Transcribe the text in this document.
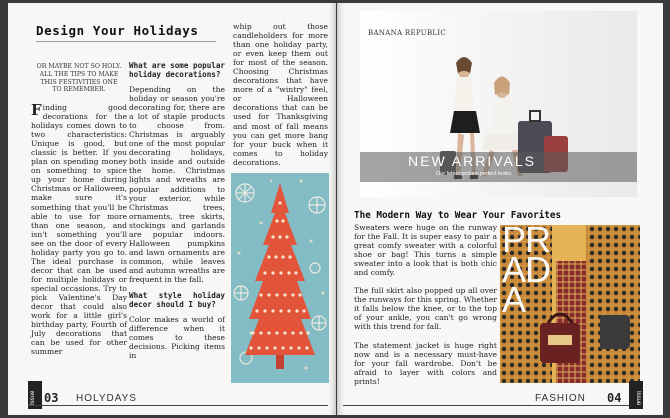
Design Your Holidays
OR MAYBE NOT SO HOLY. ALL THE TIPS TO MAKE THIS FESTIVITIES ONE TO REMEMBER.
Finding good decorations for the holidays comes down to two characteristics: Unique is good, but classic is better. If you plan on spending money on something to spice up your home during Christmas or Halloween, make sure it's something that you'll be able to use for more than one season, and isn't something you'll see on the door of every holiday party you go to. The ideal purchase is decor that can be used for multiple holidays or special occasions. Try to pick Valentine's Day decor that could also work for a little girl's birthday party, Fourth of July decorations that can be used for other summer
What are some popular holiday decorations?

Depending on the holiday or season you're decorating for, there are a lot of staple products to choose from. Christmas is arguably one of the most popular decorating holidays, both inside and outside the home. Christmas lights and wreaths are popular additions to your exterior, while Christmas trees, ornaments, tree skirts, stockings and garlands are popular indoors. Halloween pumpkins and lawn ornaments are common, while leaves and autumn wreaths are frequent in the fall.

What style holiday decor should I buy?

Color makes a world of difference when it comes to these decisions. Picking items in

whip out those candleholders for more than one holiday party, or even keep them out for most of the season. Choosing Christmas decorations that have more of a "wintry" feel, or Halloween decorations that can be used for Thanksgiving and most of fall means you can get more bang for your buck when it comes to holiday decorations.

Issue 03 HOLYDAYS
BANANA REPUBLIC
NEW ARRIVALS
Our latest picture-perfect looks.
The Modern Way to Wear Your Favorites

Sweaters were huge on the runway for the Fall. It is super easy to pair a great comfy sweater with a colorful shoe or bag! This turns a simple sweater into a look that is both chic and comfy.

The full skirt also popped up all over the runways for this spring. Whether it falls below the knee, or to the top of your ankle, you can't go wrong with this trend for fall.

The statement jacket is huge right now and is a necessary must-have for your fall wardrobe. Don't be afraid to layer with colors and prints!

PRADA
FASHION 04 Issue
